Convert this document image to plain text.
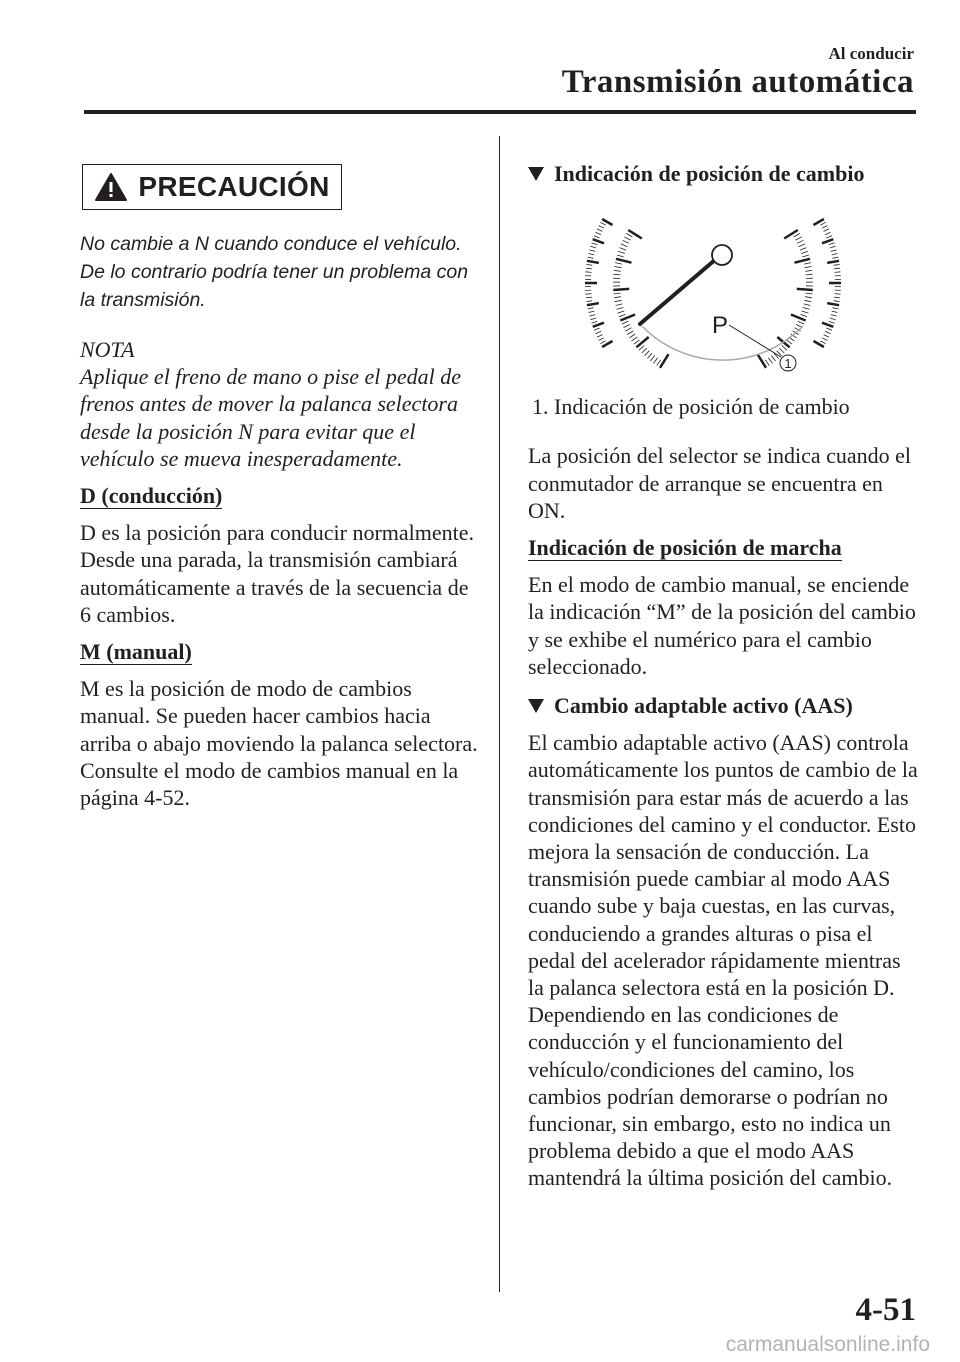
Al conducir
Transmisión automática
PRECAUCIÓN
No cambie a N cuando conduce el vehículo. De lo contrario podría tener un problema con la transmisión.
NOTA
Aplique el freno de mano o pise el pedal de frenos antes de mover la palanca selectora desde la posición N para evitar que el vehículo se mueva inesperadamente.
D (conducción)
D es la posición para conducir normalmente. Desde una parada, la transmisión cambiará automáticamente a través de la secuencia de 6 cambios.
M (manual)
M es la posición de modo de cambios manual. Se pueden hacer cambios hacia arriba o abajo moviendo la palanca selectora.
Consulte el modo de cambios manual en la página 4-52.
Indicación de posición de cambio
1
P
1. Indicación de posición de cambio
La posición del selector se indica cuando el conmutador de arranque se encuentra en ON.
Indicación de posición de marcha
En el modo de cambio manual, se enciende la indicación “M” de la posición del cambio y se exhibe el numérico para el cambio seleccionado.
Cambio adaptable activo (AAS)
El cambio adaptable activo (AAS) controla automáticamente los puntos de cambio de la transmisión para estar más de acuerdo a las condiciones del camino y el conductor. Esto mejora la sensación de conducción. La transmisión puede cambiar al modo AAS cuando sube y baja cuestas, en las curvas, conduciendo a grandes alturas o pisa el pedal del acelerador rápidamente mientras la palanca selectora está en la posición D. Dependiendo en las condiciones de conducción y el funcionamiento del vehículo/condiciones del camino, los cambios podrían demorarse o podrían no funcionar, sin embargo, esto no indica un problema debido a que el modo AAS mantendrá la última posición del cambio.
4-51
carmanualsonline.info
